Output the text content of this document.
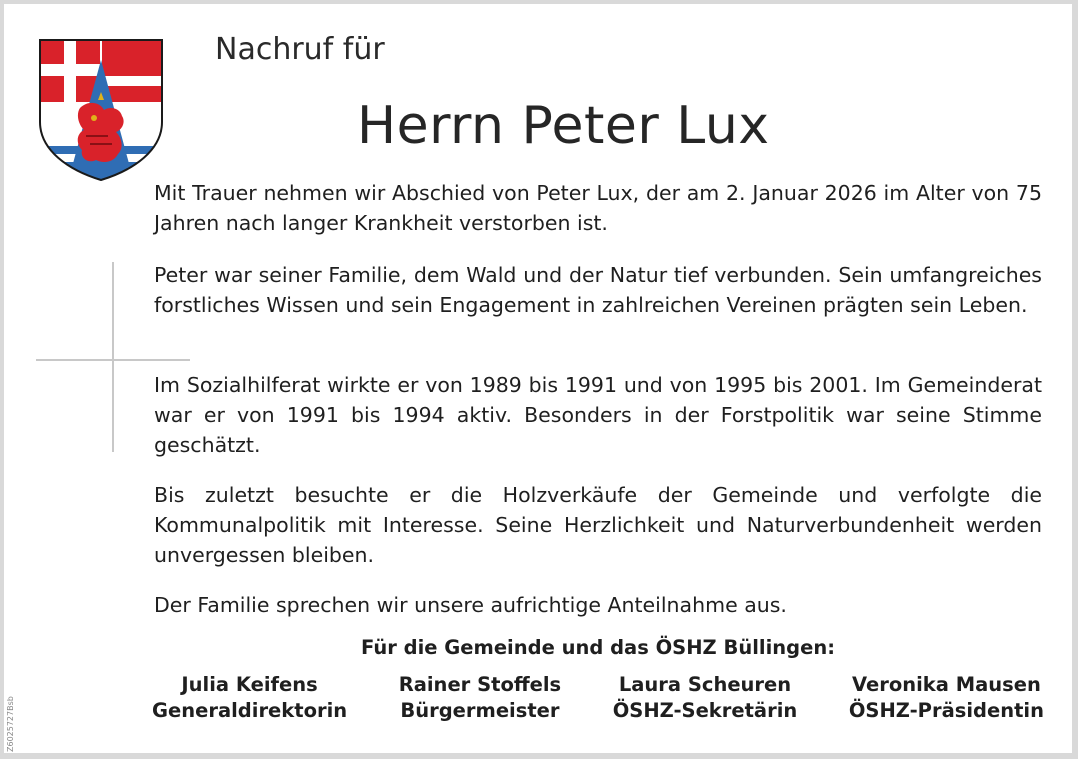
Nachruf für
Herrn Peter Lux
Mit Trauer nehmen wir Abschied von Peter Lux, der am 2. Januar 2026 im Alter von 75 Jahren nach langer Krankheit verstorben ist.
Peter war seiner Familie, dem Wald und der Natur tief verbunden. Sein umfangreiches forstliches Wissen und sein Engagement in zahlreichen Vereinen prägten sein Leben.
Im Sozialhilferat wirkte er von 1989 bis 1991 und von 1995 bis 2001. Im Gemeinderat war er von 1991 bis 1994 aktiv. Besonders in der Forstpolitik war seine Stimme geschätzt.
Bis zuletzt besuchte er die Holzverkäufe der Gemeinde und verfolgte die Kommunalpolitik mit Interesse. Seine Herzlichkeit und Naturverbundenheit werden unvergessen bleiben.
Der Familie sprechen wir unsere aufrichtige Anteilnahme aus.
Für die Gemeinde und das ÖSHZ Büllingen:
Julia Keifens
Generaldirektorin
Rainer Stoffels
Bürgermeister
Laura Scheuren
ÖSHZ-Sekretärin
Veronika Mausen
ÖSHZ-Präsidentin
Z6025727Bsb
